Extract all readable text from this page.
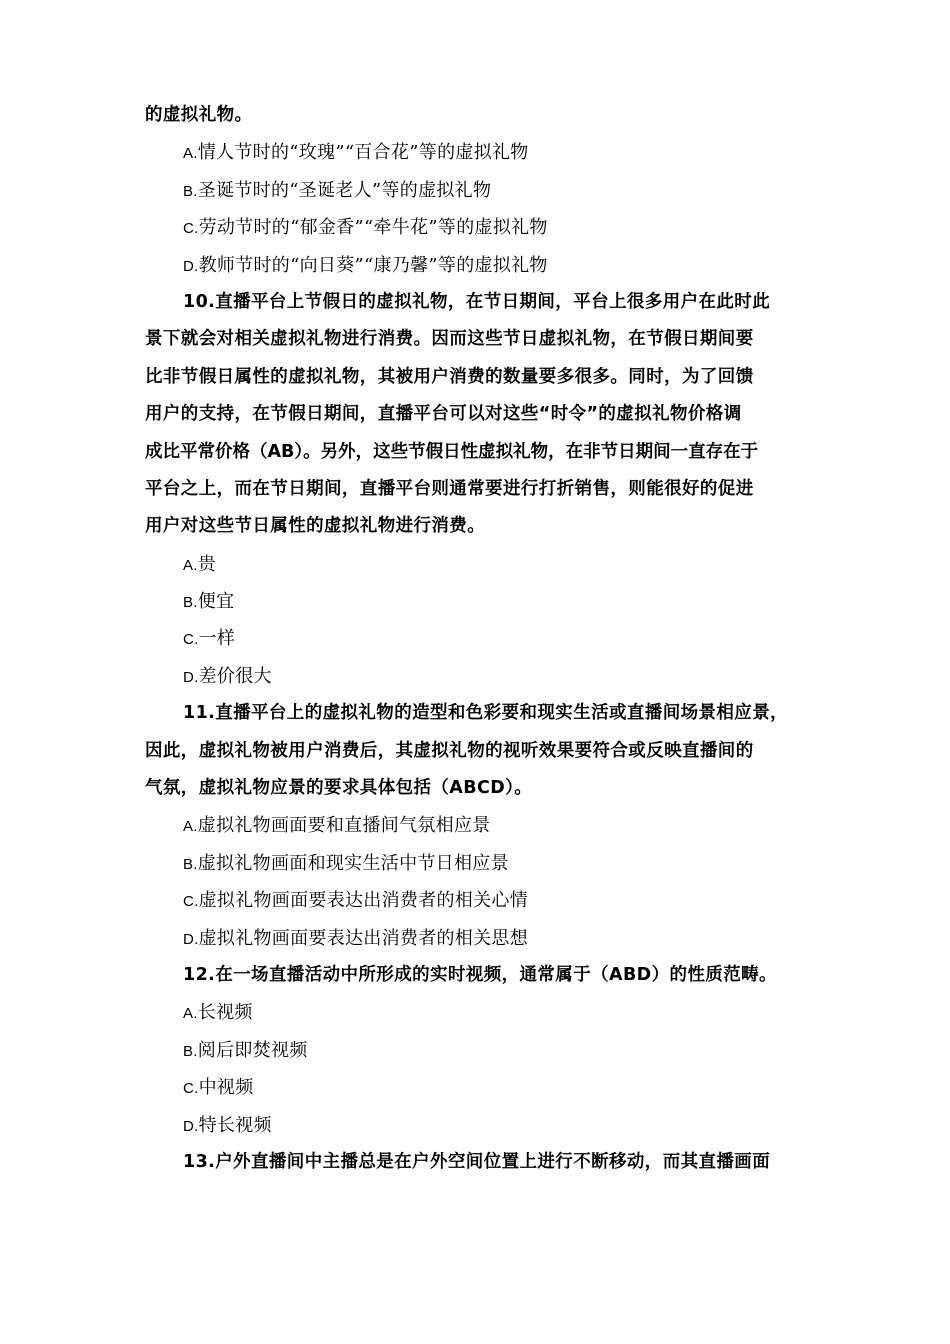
的虚拟礼物。
A.情人节时的“玫瑰”“百合花”等的虚拟礼物
B.圣诞节时的“圣诞老人”等的虚拟礼物
C.劳动节时的“郁金香”“牵牛花”等的虚拟礼物
D.教师节时的“向日葵”“康乃馨”等的虚拟礼物
10.直播平台上节假日的虚拟礼物，在节日期间，平台上很多用户在此时此
景下就会对相关虚拟礼物进行消费。因而这些节日虚拟礼物，在节假日期间要
比非节假日属性的虚拟礼物，其被用户消费的数量要多很多。同时，为了回馈
用户的支持，在节假日期间，直播平台可以对这些“时令”的虚拟礼物价格调
成比平常价格（AB）。另外，这些节假日性虚拟礼物，在非节日期间一直存在于
平台之上，而在节日期间，直播平台则通常要进行打折销售，则能很好的促进
用户对这些节日属性的虚拟礼物进行消费。
A.贵
B.便宜
C.一样
D.差价很大
11.直播平台上的虚拟礼物的造型和色彩要和现实生活或直播间场景相应景，
因此，虚拟礼物被用户消费后，其虚拟礼物的视听效果要符合或反映直播间的
气氛，虚拟礼物应景的要求具体包括（ABCD）。
A.虚拟礼物画面要和直播间气氛相应景
B.虚拟礼物画面和现实生活中节日相应景
C.虚拟礼物画面要表达出消费者的相关心情
D.虚拟礼物画面要表达出消费者的相关思想
12.在一场直播活动中所形成的实时视频，通常属于（ABD）的性质范畴。
A.长视频
B.阅后即焚视频
C.中视频
D.特长视频
13.户外直播间中主播总是在户外空间位置上进行不断移动，而其直播画面
